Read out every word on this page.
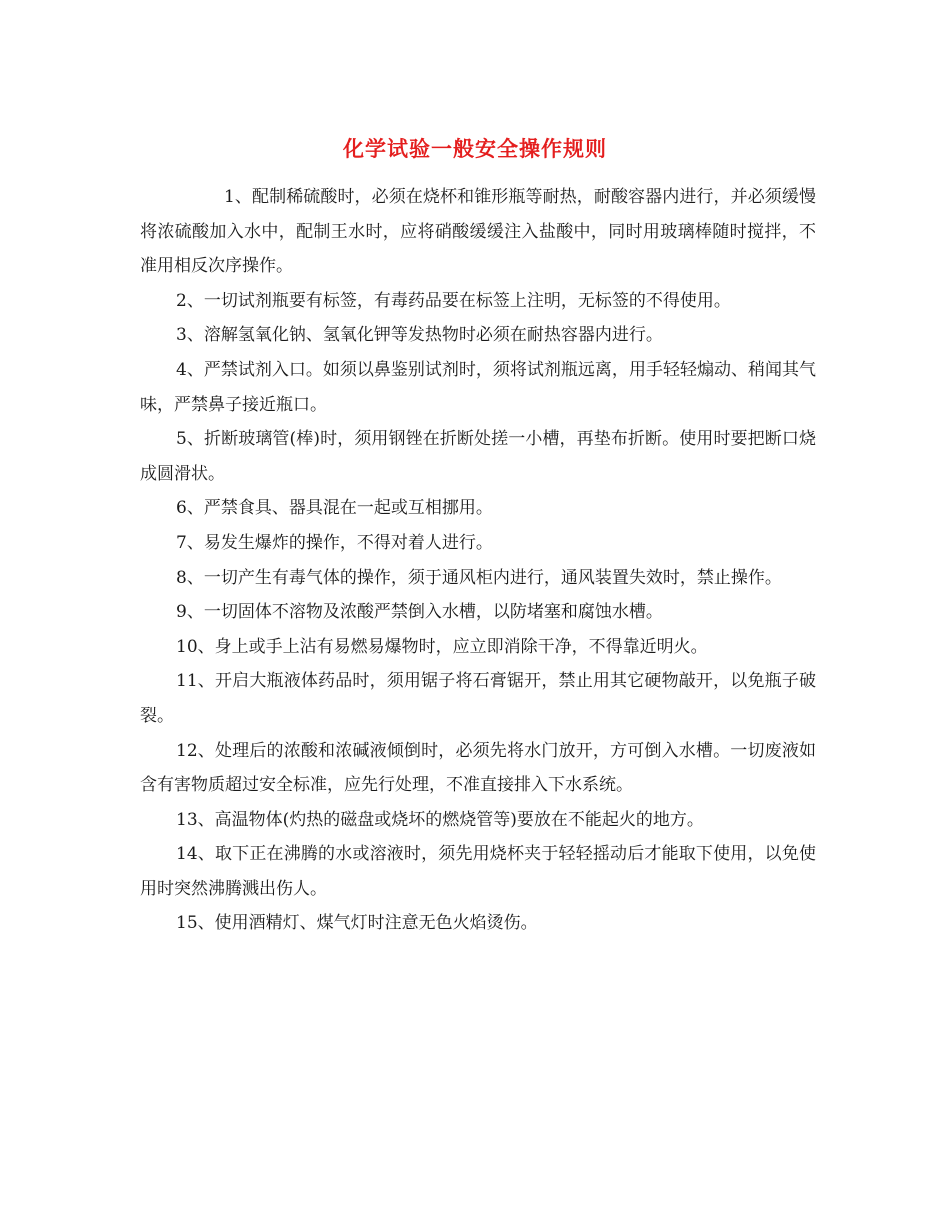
化学试验一般安全操作规则

1、配制稀硫酸时，必须在烧杯和锥形瓶等耐热，耐酸容器内进行，并必须缓慢将浓硫酸加入水中，配制王水时，应将硝酸缓缓注入盐酸中，同时用玻璃棒随时搅拌，不准用相反次序操作。

2、一切试剂瓶要有标签，有毒药品要在标签上注明，无标签的不得使用。

3、溶解氢氧化钠、氢氧化钾等发热物时必须在耐热容器内进行。

4、严禁试剂入口。如须以鼻鉴别试剂时，须将试剂瓶远离，用手轻轻煽动、稍闻其气味，严禁鼻子接近瓶口。

5、折断玻璃管(棒)时，须用钢锉在折断处搓一小槽，再垫布折断。使用时要把断口烧成圆滑状。

6、严禁食具、器具混在一起或互相挪用。

7、易发生爆炸的操作，不得对着人进行。

8、一切产生有毒气体的操作，须于通风柜内进行，通风装置失效时，禁止操作。

9、一切固体不溶物及浓酸严禁倒入水槽，以防堵塞和腐蚀水槽。

10、身上或手上沾有易燃易爆物时，应立即消除干净，不得靠近明火。

11、开启大瓶液体药品时，须用锯子将石膏锯开，禁止用其它硬物敲开，以免瓶子破裂。

12、处理后的浓酸和浓碱液倾倒时，必须先将水门放开，方可倒入水槽。一切废液如含有害物质超过安全标准，应先行处理，不准直接排入下水系统。

13、高温物体(灼热的磁盘或烧坏的燃烧管等)要放在不能起火的地方。

14、取下正在沸腾的水或溶液时，须先用烧杯夹于轻轻摇动后才能取下使用，以免使用时突然沸腾溅出伤人。

15、使用酒精灯、煤气灯时注意无色火焰烫伤。
